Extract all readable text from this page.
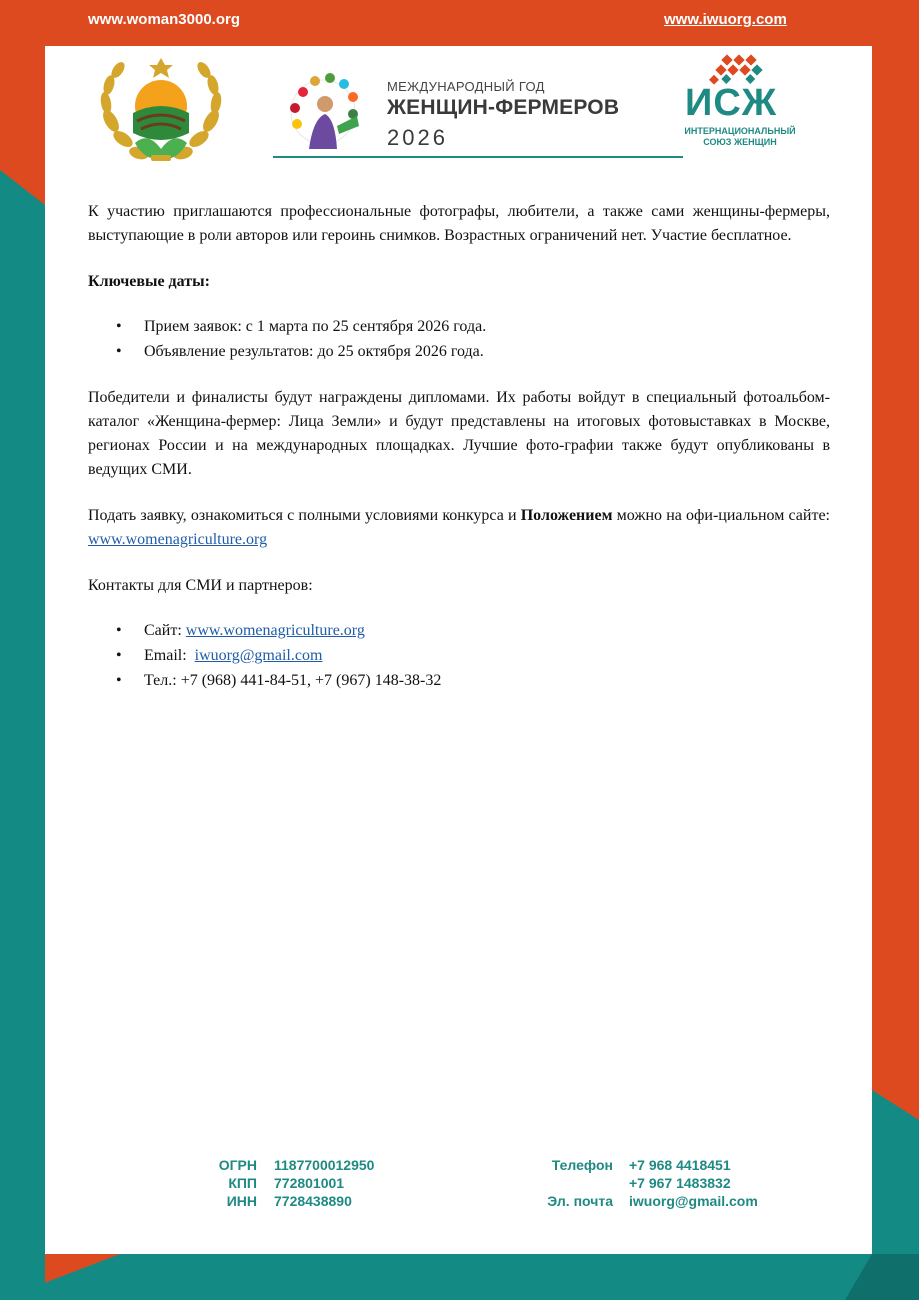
www.woman3000.org	www.iwuorg.com
МЕЖДУНАРОДНЫЙ ГОД
ЖЕНЩИН-ФЕРМЕРОВ
2026
ИСЖ
ИНТЕРНАЦИОНАЛЬНЫЙ
СОЮЗ ЖЕНЩИН

К участию приглашаются профессиональные фотографы, любители, а также сами женщины-фермеры, выступающие в роли авторов или героинь снимков. Возрастных ограничений нет. Участие бесплатное.

Ключевые даты:

• Прием заявок: с 1 марта по 25 сентября 2026 года.
• Объявление результатов: до 25 октября 2026 года.

Победители и финалисты будут награждены дипломами. Их работы войдут в специальный фотоальбом-каталог «Женщина-фермер: Лица Земли» и будут представлены на итоговых фотовыставках в Москве, регионах России и на международных площадках. Лучшие фото-графии также будут опубликованы в ведущих СМИ.

Подать заявку, ознакомиться с полными условиями конкурса и Положением можно на офи-циальном сайте: www.womenagriculture.org

Контакты для СМИ и партнеров:

• Сайт: www.womenagriculture.org
• Email:  iwuorg@gmail.com
• Тел.: +7 (968) 441-84-51, +7 (967) 148-38-32
ОГРН 1187700012950
КПП 772801001
ИНН 7728438890
Телефон +7 968 4418451
+7 967 1483832
Эл. почта iwuorg@gmail.com
